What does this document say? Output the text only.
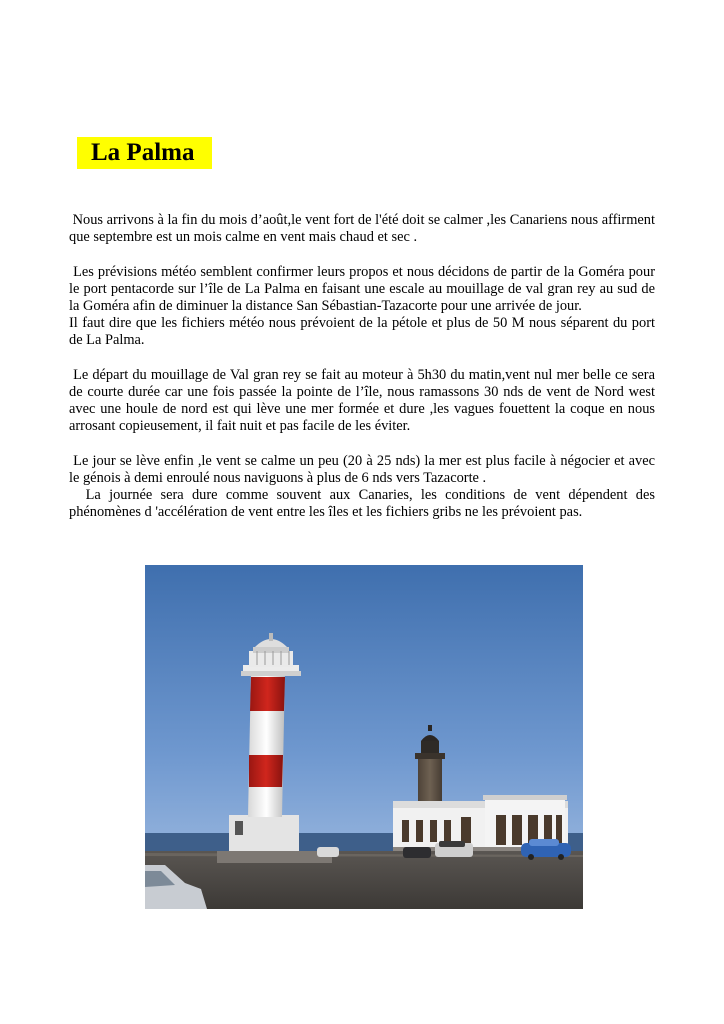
La Palma

Nous arrivons à la fin du mois d’août,le vent fort de l'été doit se calmer ,les Canariens nous affirment que septembre est un mois calme en vent mais chaud et sec .

Les prévisions météo semblent confirmer leurs propos et nous décidons de partir de la Goméra pour le port pentacorde sur l’île de La Palma en faisant une escale au mouillage de val gran rey au sud de la Goméra afin de diminuer la distance San Sébastian-Tazacorte pour une arrivée de jour.

Il faut dire que les fichiers météo nous prévoient de la pétole et plus de 50 M nous séparent du port de La Palma.

Le départ du mouillage de Val gran rey se fait au moteur à 5h30 du matin,vent nul mer belle ce sera de courte durée car une fois passée la pointe de l’île, nous ramassons 30 nds de vent de Nord west avec une houle de nord est qui lève une mer formée et dure ,les vagues fouettent la coque en nous arrosant copieusement, il fait nuit et pas facile de les éviter.

Le jour se lève enfin ,le vent se calme un peu (20 à 25 nds) la mer est plus facile à négocier et avec le génois à demi enroulé nous naviguons à plus de 6 nds vers Tazacorte .

La journée sera dure comme souvent aux Canaries, les conditions de vent dépendent des phénomènes d 'accélération de vent entre les îles et les fichiers gribs ne les prévoient pas.
